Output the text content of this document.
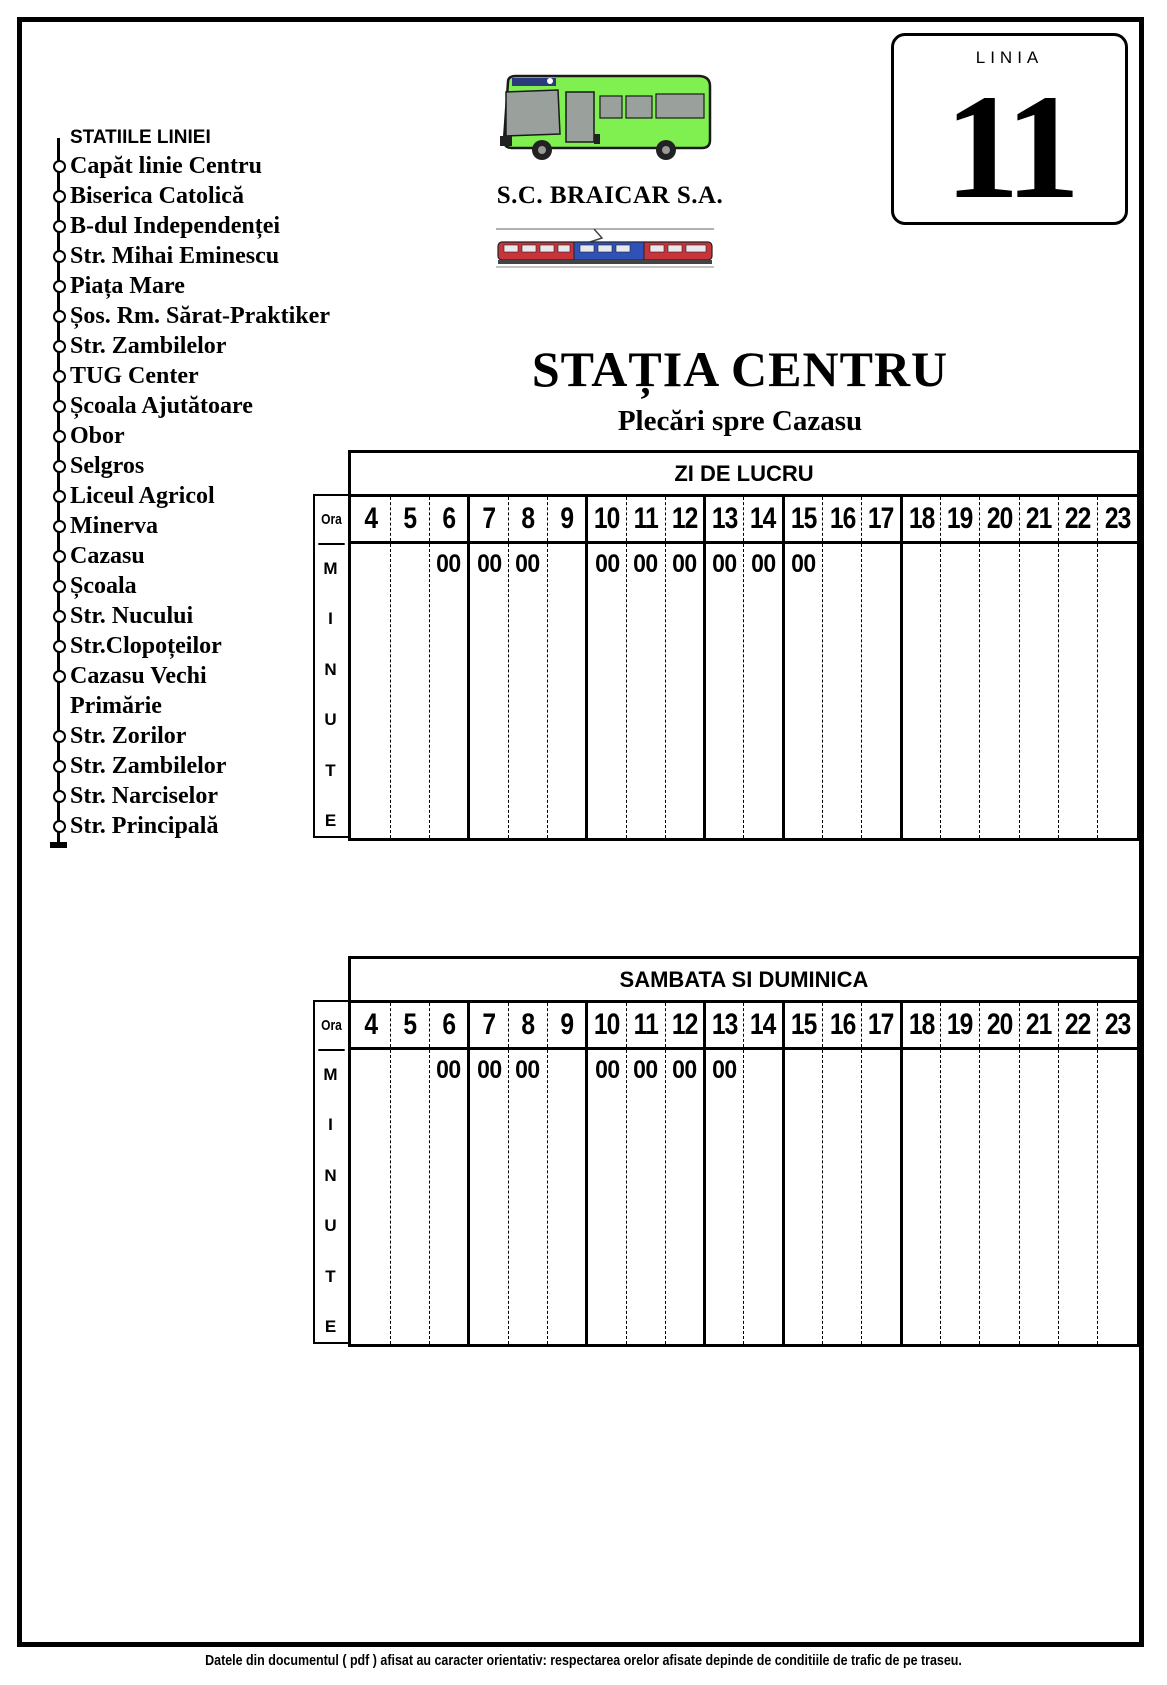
LINIA
11
S.C. BRAICAR S.A.
STAȚIA CENTRU
Plecări spre Cazasu
STATIILE LINIEI
Capăt linie Centru
Biserica Catolică
B-dul Independenței
Str. Mihai Eminescu
Piața Mare
Șos. Rm. Sărat-Praktiker
Str. Zambilelor
TUG Center
Școala Ajutătoare
Obor
Selgros
Liceul Agricol
Minerva
Cazasu
Școala
Str. Nucului
Str.Clopoțeilor
Cazasu Vechi
Primărie
Str. Zorilor
Str. Zambilelor
Str. Narciselor
Str. Principală
ZI DE LUCRU
Ora
M
I
N
U
T
E
4	5	6	7	8	9	10	11	12	13	14	15	16	17	18	19	20	21	22	23
		00	00	00		00	00	00	00	00	00								
SAMBATA SI DUMINICA
Ora
M
I
N
U
T
E
4	5	6	7	8	9	10	11	12	13	14	15	16	17	18	19	20	21	22	23
		00	00	00		00	00	00	00										
Datele din documentul ( pdf ) afisat au caracter orientativ: respectarea orelor afisate depinde de conditiile de trafic de pe traseu.
